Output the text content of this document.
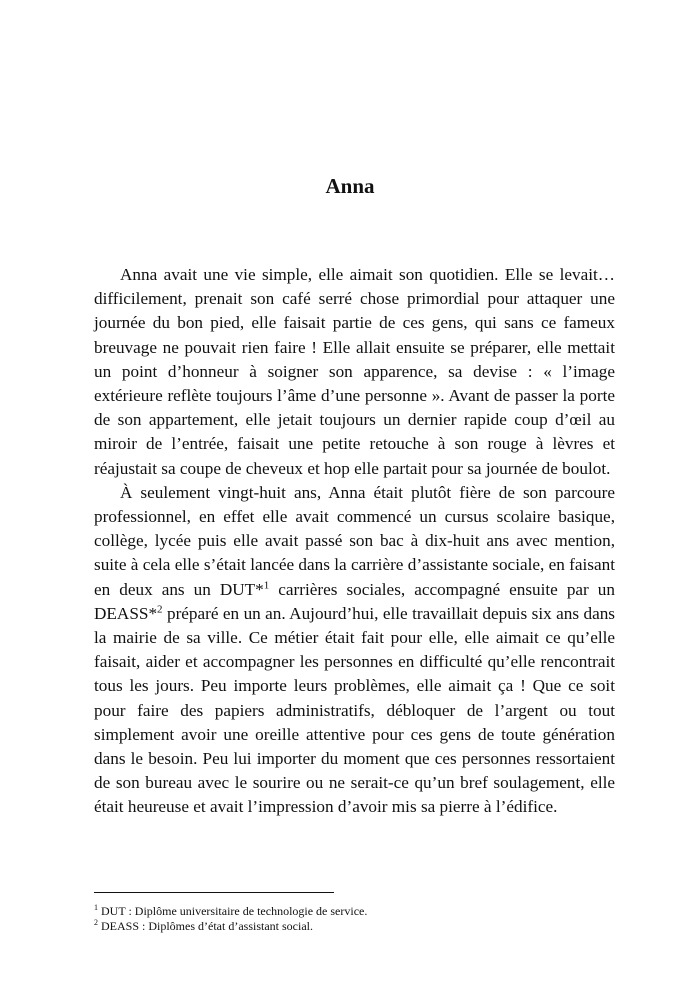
Anna

Anna avait une vie simple, elle aimait son quotidien. Elle se levait… difficilement, prenait son café serré chose primordial pour attaquer une journée du bon pied, elle faisait partie de ces gens, qui sans ce fameux breuvage ne pouvait rien faire ! Elle allait ensuite se préparer, elle mettait un point d’honneur à soigner son apparence, sa devise : « l’image extérieure reflète toujours l’âme d’une personne ». Avant de passer la porte de son appartement, elle jetait toujours un dernier rapide coup d’œil au miroir de l’entrée, faisait une petite retouche à son rouge à lèvres et réajustait sa coupe de cheveux et hop elle partait pour sa journée de boulot.

À seulement vingt-huit ans, Anna était plutôt fière de son parcoure professionnel, en effet elle avait commencé un cursus scolaire basique, collège, lycée puis elle avait passé son bac à dix-huit ans avec mention, suite à cela elle s’était lancée dans la carrière d’assistante sociale, en faisant en deux ans un DUT*$^1$ carrières sociales, accompagné ensuite par un DEASS*$^2$ préparé en un an. Aujourd’hui, elle travaillait depuis six ans dans la mairie de sa ville. Ce métier était fait pour elle, elle aimait ce qu’elle faisait, aider et accompagner les personnes en difficulté qu’elle rencontrait tous les jours. Peu importe leurs problèmes, elle aimait ça ! Que ce soit pour faire des papiers administratifs, débloquer de l’argent ou tout simplement avoir une oreille attentive pour ces gens de toute génération dans le besoin. Peu lui importer du moment que ces personnes ressortaient de son bureau avec le sourire ou ne serait-ce qu’un bref soulagement, elle était heureuse et avait l’impression d’avoir mis sa pierre à l’édifice.

$^1$ DUT : Diplôme universitaire de technologie de service.
$^2$ DEASS : Diplômes d’état d’assistant social.
